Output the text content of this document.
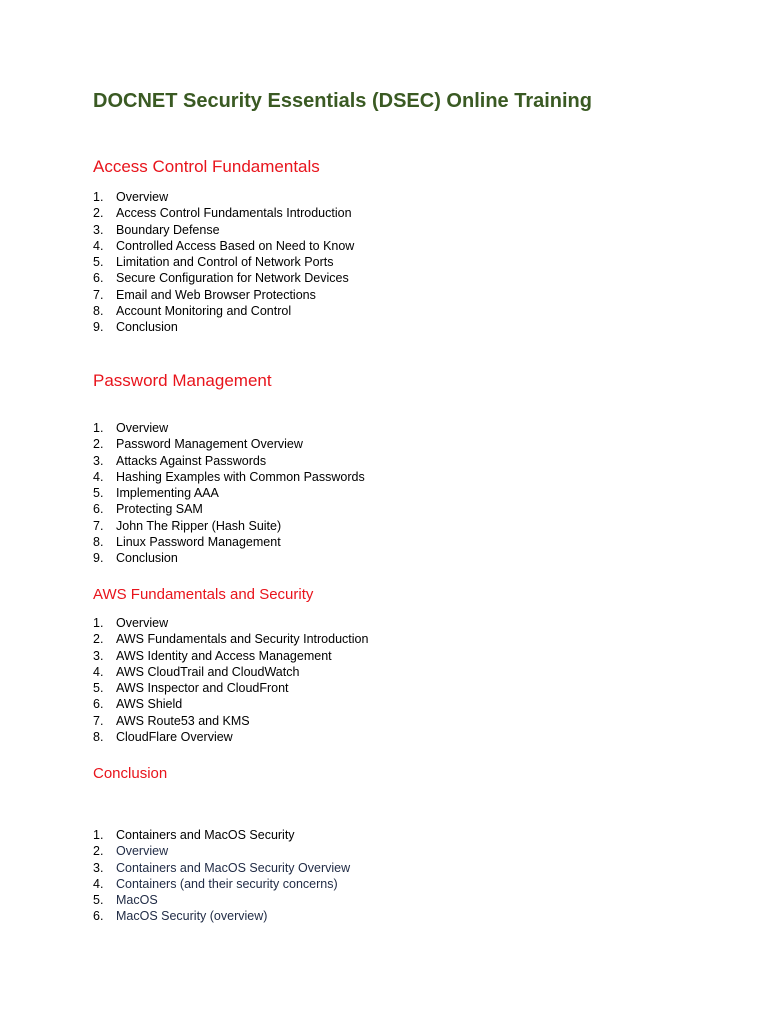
DOCNET Security Essentials (DSEC) Online Training
Access Control Fundamentals
1. Overview
2. Access Control Fundamentals Introduction
3. Boundary Defense
4. Controlled Access Based on Need to Know
5. Limitation and Control of Network Ports
6. Secure Configuration for Network Devices
7. Email and Web Browser Protections
8. Account Monitoring and Control
9. Conclusion
Password Management
1. Overview
2. Password Management Overview
3. Attacks Against Passwords
4. Hashing Examples with Common Passwords
5. Implementing AAA
6. Protecting SAM
7. John The Ripper (Hash Suite)
8. Linux Password Management
9. Conclusion
AWS Fundamentals and Security
1. Overview
2. AWS Fundamentals and Security Introduction
3. AWS Identity and Access Management
4. AWS CloudTrail and CloudWatch
5. AWS Inspector and CloudFront
6. AWS Shield
7. AWS Route53 and KMS
8. CloudFlare Overview
Conclusion
1. Containers and MacOS Security
2. Overview
3. Containers and MacOS Security Overview
4. Containers (and their security concerns)
5. MacOS
6. MacOS Security (overview)
